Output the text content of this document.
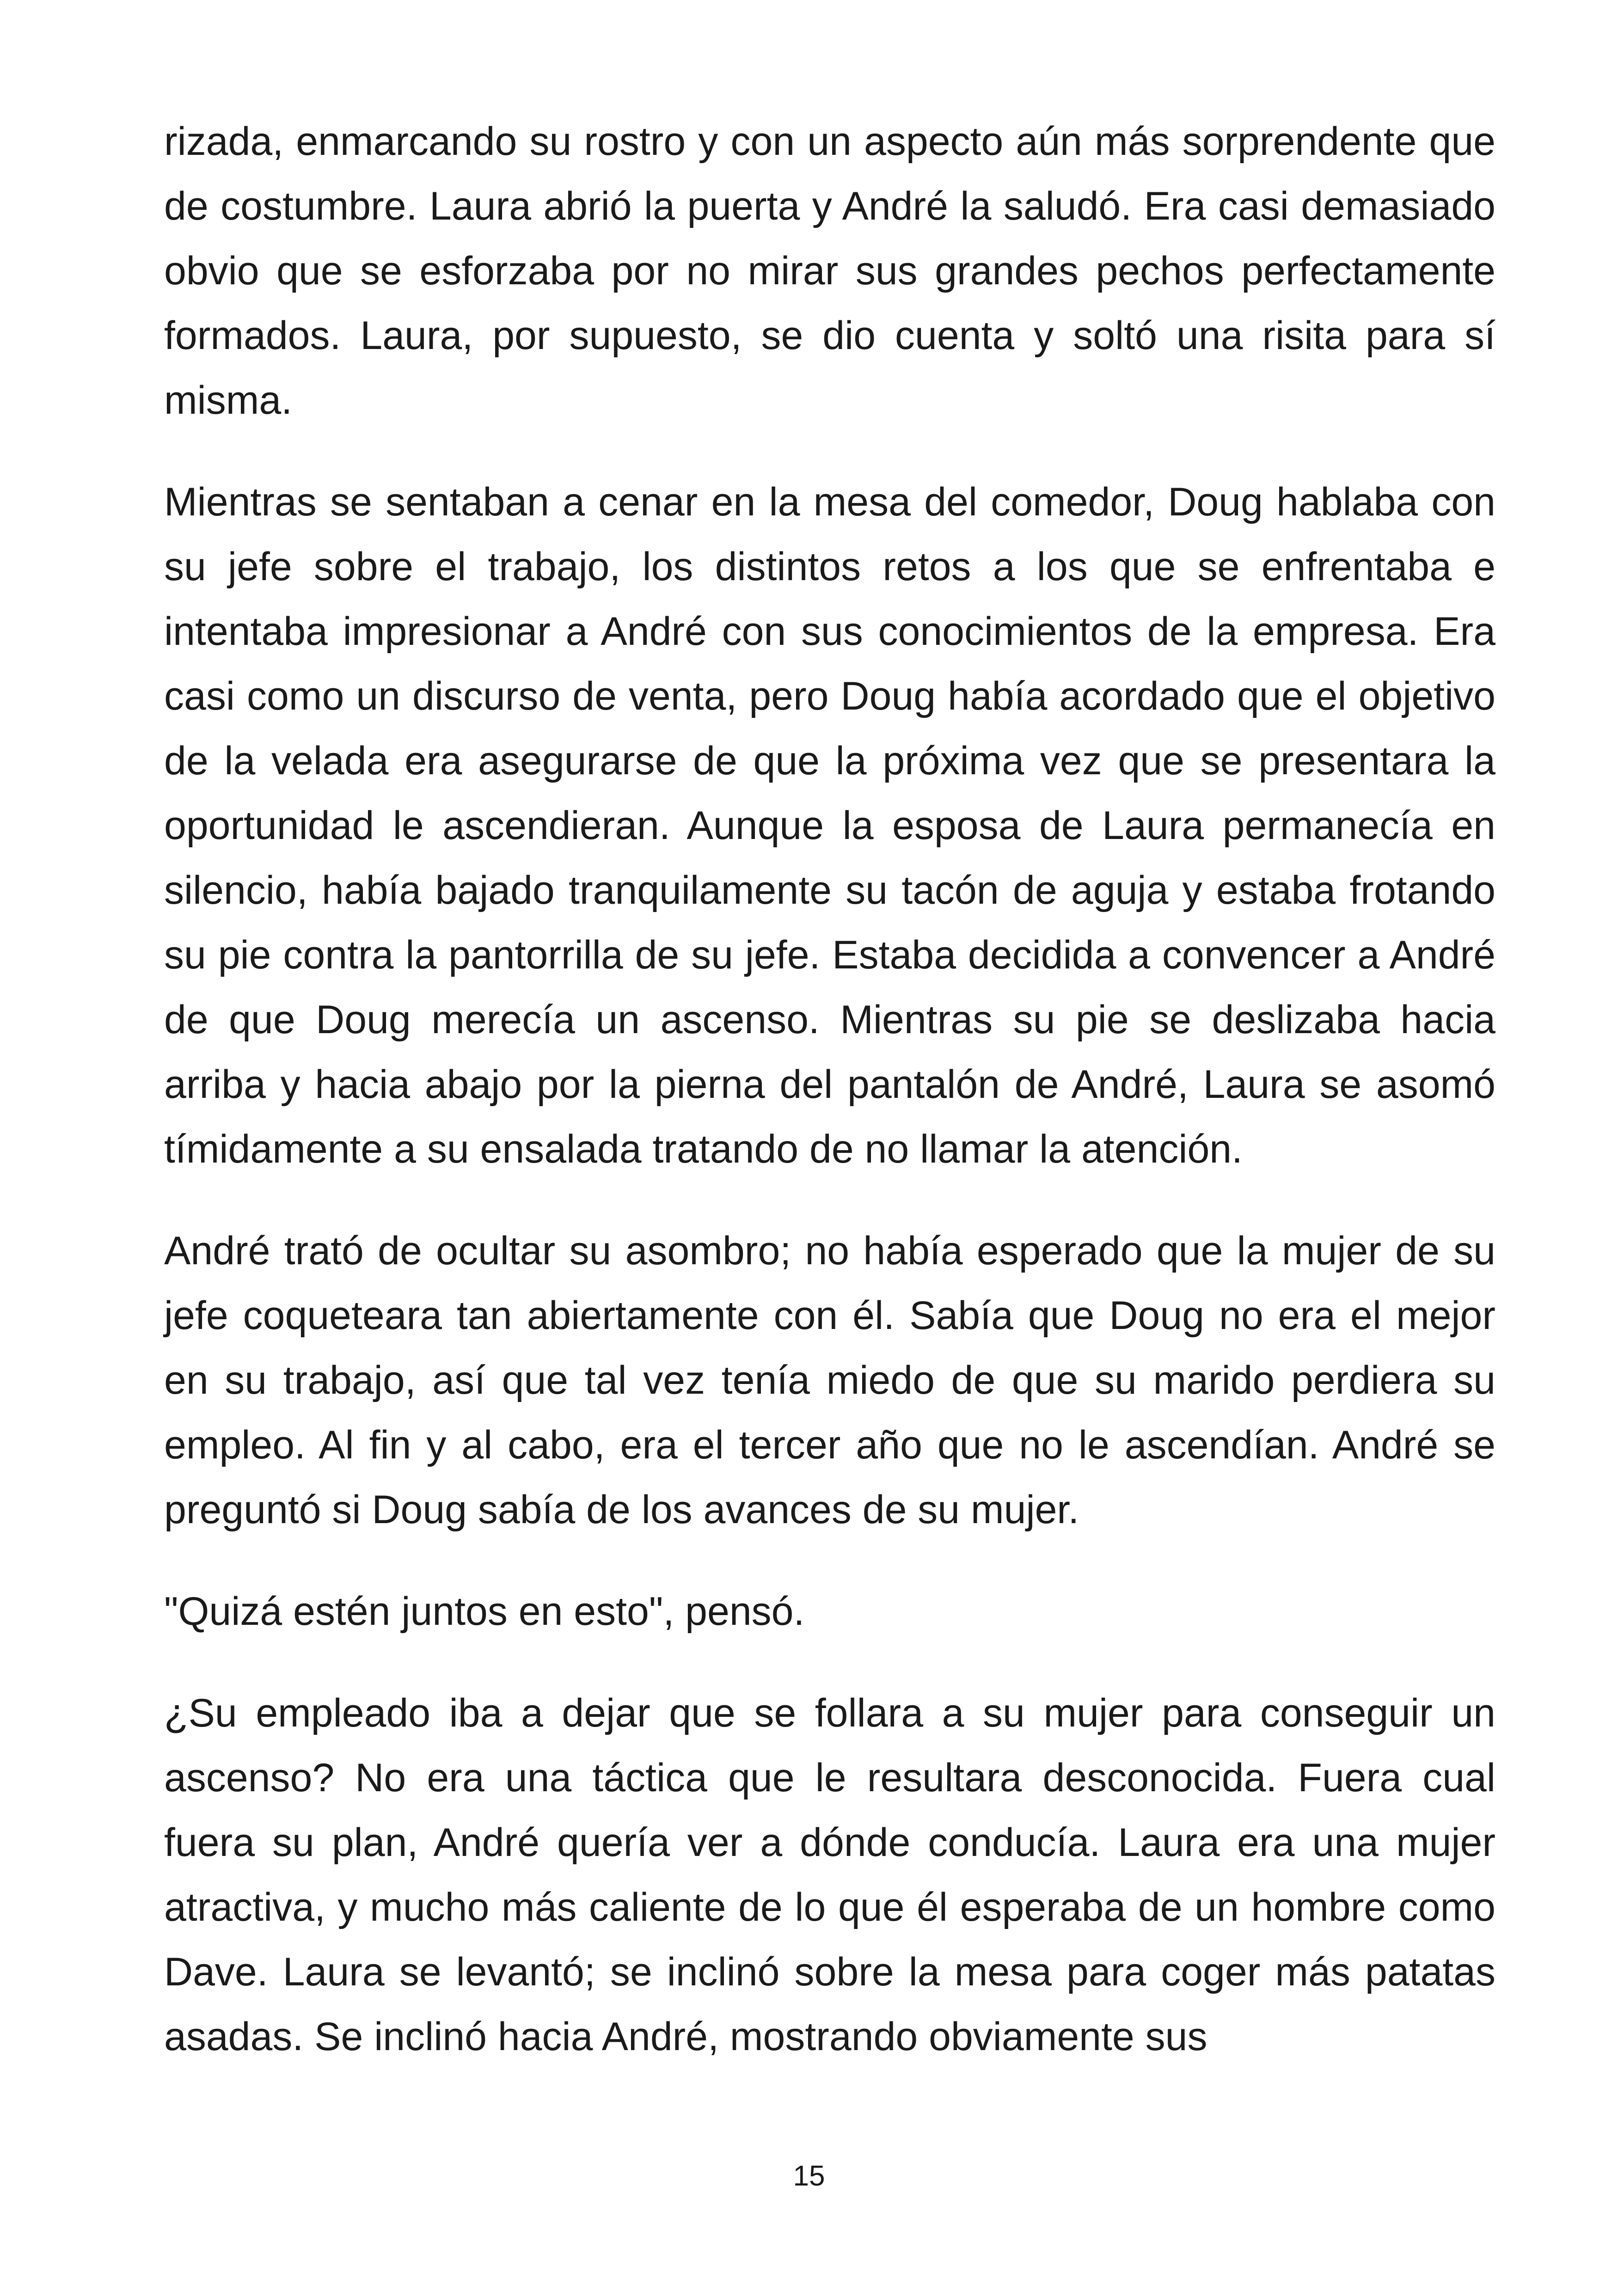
rizada, enmarcando su rostro y con un aspecto aún más sorprendente que de costumbre. Laura abrió la puerta y André la saludó. Era casi demasiado obvio que se esforzaba por no mirar sus grandes pechos perfectamente formados. Laura, por supuesto, se dio cuenta y soltó una risita para sí misma.

Mientras se sentaban a cenar en la mesa del comedor, Doug hablaba con su jefe sobre el trabajo, los distintos retos a los que se enfrentaba e intentaba impresionar a André con sus conocimientos de la empresa. Era casi como un discurso de venta, pero Doug había acordado que el objetivo de la velada era asegurarse de que la próxima vez que se presentara la oportunidad le ascendieran. Aunque la esposa de Laura permanecía en silencio, había bajado tranquilamente su tacón de aguja y estaba frotando su pie contra la pantorrilla de su jefe. Estaba decidida a convencer a André de que Doug merecía un ascenso. Mientras su pie se deslizaba hacia arriba y hacia abajo por la pierna del pantalón de André, Laura se asomó tímidamente a su ensalada tratando de no llamar la atención.

André trató de ocultar su asombro; no había esperado que la mujer de su jefe coqueteara tan abiertamente con él. Sabía que Doug no era el mejor en su trabajo, así que tal vez tenía miedo de que su marido perdiera su empleo. Al fin y al cabo, era el tercer año que no le ascendían. André se preguntó si Doug sabía de los avances de su mujer.

"Quizá estén juntos en esto", pensó.

¿Su empleado iba a dejar que se follara a su mujer para conseguir un ascenso? No era una táctica que le resultara desconocida. Fuera cual fuera su plan, André quería ver a dónde conducía. Laura era una mujer atractiva, y mucho más caliente de lo que él esperaba de un hombre como Dave. Laura se levantó; se inclinó sobre la mesa para coger más patatas asadas. Se inclinó hacia André, mostrando obviamente sus

15
